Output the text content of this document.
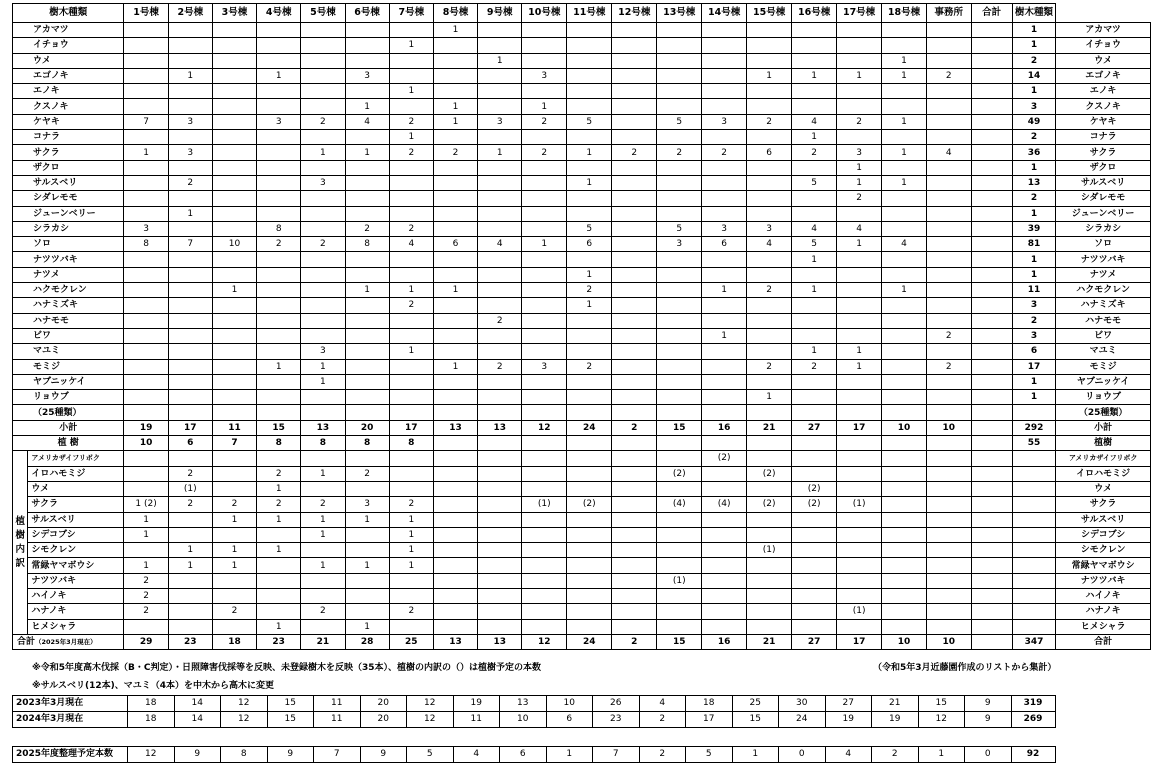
樹木種類		1号棟	2号棟	3号棟	4号棟	5号棟	6号棟	7号棟	8号棟	9号棟	10号棟	11号棟	12号棟	13号棟	14号棟	15号棟	16号棟	17号棟	18号棟	事務所	合計	樹木種類	
アカマツ									1													1	アカマツ
イチョウ								1														1	イチョウ
ウメ										1									1			2	ウメ
エゴノキ			1		1		3				3					1	1	1	1	2		14	エゴノキ
エノキ								1														1	エノキ
クスノキ							1		1		1											3	クスノキ
ケヤキ		7	3		3	2	4	2	1	3	2	5		5	3	2	4	2	1			49	ケヤキ
コナラ								1									1					2	コナラ
サクラ		1	3			1	1	2	2	1	2	1	2	2	2	6	2	3	1	4		36	サクラ
ザクロ																		1				1	ザクロ
サルスベリ			2			3						1					5	1	1			13	サルスベリ
シダレモモ																		2				2	シダレモモ
ジューンベリー			1																			1	ジューンベリー
シラカシ		3			8		2	2				5		5	3	3	4	4				39	シラカシ
ソロ		8	7	10	2	2	8	4	6	4	1	6		3	6	4	5	1	4			81	ソロ
ナツツバキ																	1					1	ナツツバキ
ナツメ												1										1	ナツメ
ハクモクレン				1			1	1	1			2			1	2	1		1			11	ハクモクレン
ハナミズキ								2				1										3	ハナミズキ
ハナモモ										2												2	ハナモモ
ビワ															1					2		3	ビワ
マユミ						3		1									1	1				6	マユミ
モミジ					1	1			1	2	3	2				2	2	1		2		17	モミジ
ヤブニッケイ						1																1	ヤブニッケイ
リョウブ																1						1	リョウブ
（25種類）																							（25種類）
小計		19	17	11	15	13	20	17	13	13	12	24	2	15	16	21	27	17	10	10		292	小計
植 樹		10	6	7	8	8	8	8														55	植樹

植
樹
内
訳	アメリカザイフリボク														(2)								アメリカザイフリボク
	イロハモミジ		2		2	1	2							(2)		(2)							イロハモミジ
	ウメ		(1)		1												(2)						ウメ
	サクラ	1 (2)	2	2	2	2	3	2			(1)	(2)		(4)	(4)	(2)	(2)	(1)					サクラ
	サルスベリ	1		1	1	1	1	1															サルスベリ
	シデコブシ	1				1		1															シデコブシ
	シモクレン		1	1	1			1								(1)							シモクレン
	常緑ヤマボウシ	1	1	1		1	1	1															常緑ヤマボウシ
	ナツツバキ	2												(1)									ナツツバキ
	ハイノキ	2																					ハイノキ
	ハナノキ	2		2		2		2										(1)					ハナノキ
	ヒメシャラ				1		1																ヒメシャラ
合計（2025年3月現在）		29	23	18	23	21	28	25	13	13	12	24	2	15	16	21	27	17	10	10		347	合計
※令和5年度高木伐採（B・C判定）・日照障害伐採等を反映、未登録樹木を反映（35本）、植樹の内訳の（）は植樹予定の本数	（令和5年3月近藤園作成のリストから集計）
※サルスベリ(12本)、マユミ（4本）を中木から高木に変更
2023年3月現在	18	14	12	15	11	20	12	19	13	10	26	4	18	25	30	27	21	15	9	319
2024年3月現在	18	14	12	15	11	20	12	11	10	6	23	2	17	15	24	19	19	12	9	269
2025年度整理予定本数	12	9	8	9	7	9	5	4	6	1	7	2	5	1	0	4	2	1	0	92
